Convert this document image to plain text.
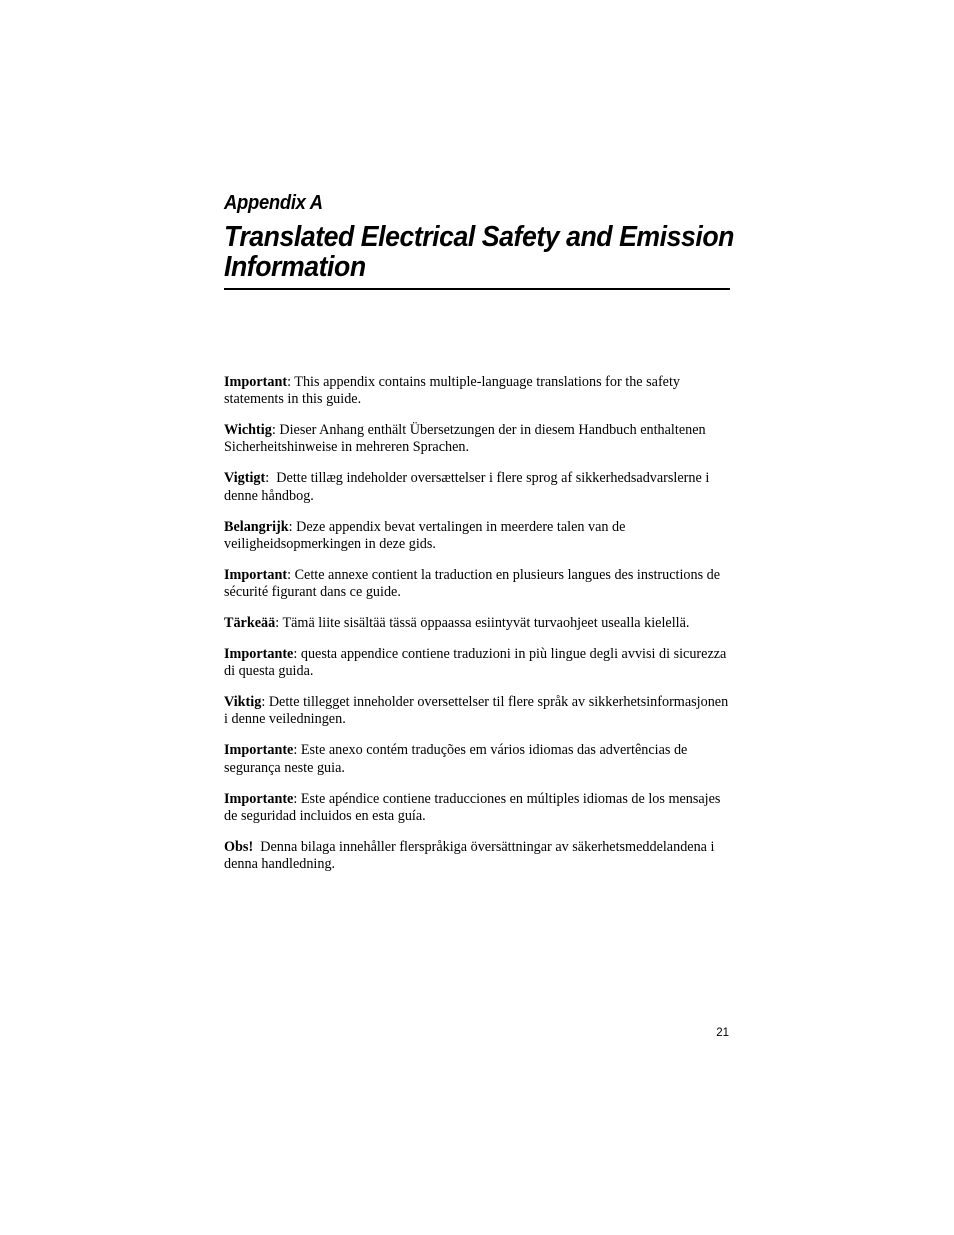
Appendix A
Translated Electrical Safety and Emission Information

Important: This appendix contains multiple-language translations for the safety statements in this guide.

Wichtig: Dieser Anhang enthält Übersetzungen der in diesem Handbuch enthaltenen Sicherheitshinweise in mehreren Sprachen.

Vigtigt:  Dette tillæg indeholder oversættelser i flere sprog af sikkerhedsadvarslerne i denne håndbog.

Belangrijk: Deze appendix bevat vertalingen in meerdere talen van de veiligheidsopmerkingen in deze gids.

Important: Cette annexe contient la traduction en plusieurs langues des instructions de sécurité figurant dans ce guide.

Tärkeää: Tämä liite sisältää tässä oppaassa esiintyvät turvaohjeet usealla kielellä.

Importante: questa appendice contiene traduzioni in più lingue degli avvisi di sicurezza di questa guida.

Viktig: Dette tillegget inneholder oversettelser til flere språk av sikkerhetsinformasjonen i denne veiledningen.

Importante: Este anexo contém traduções em vários idiomas das advertências de segurança neste guia.

Importante: Este apéndice contiene traducciones en múltiples idiomas de los mensajes de seguridad incluidos en esta guía.

Obs! Denna bilaga innehåller flerspråkiga översättningar av säkerhetsmeddelandena i denna handledning.

21
